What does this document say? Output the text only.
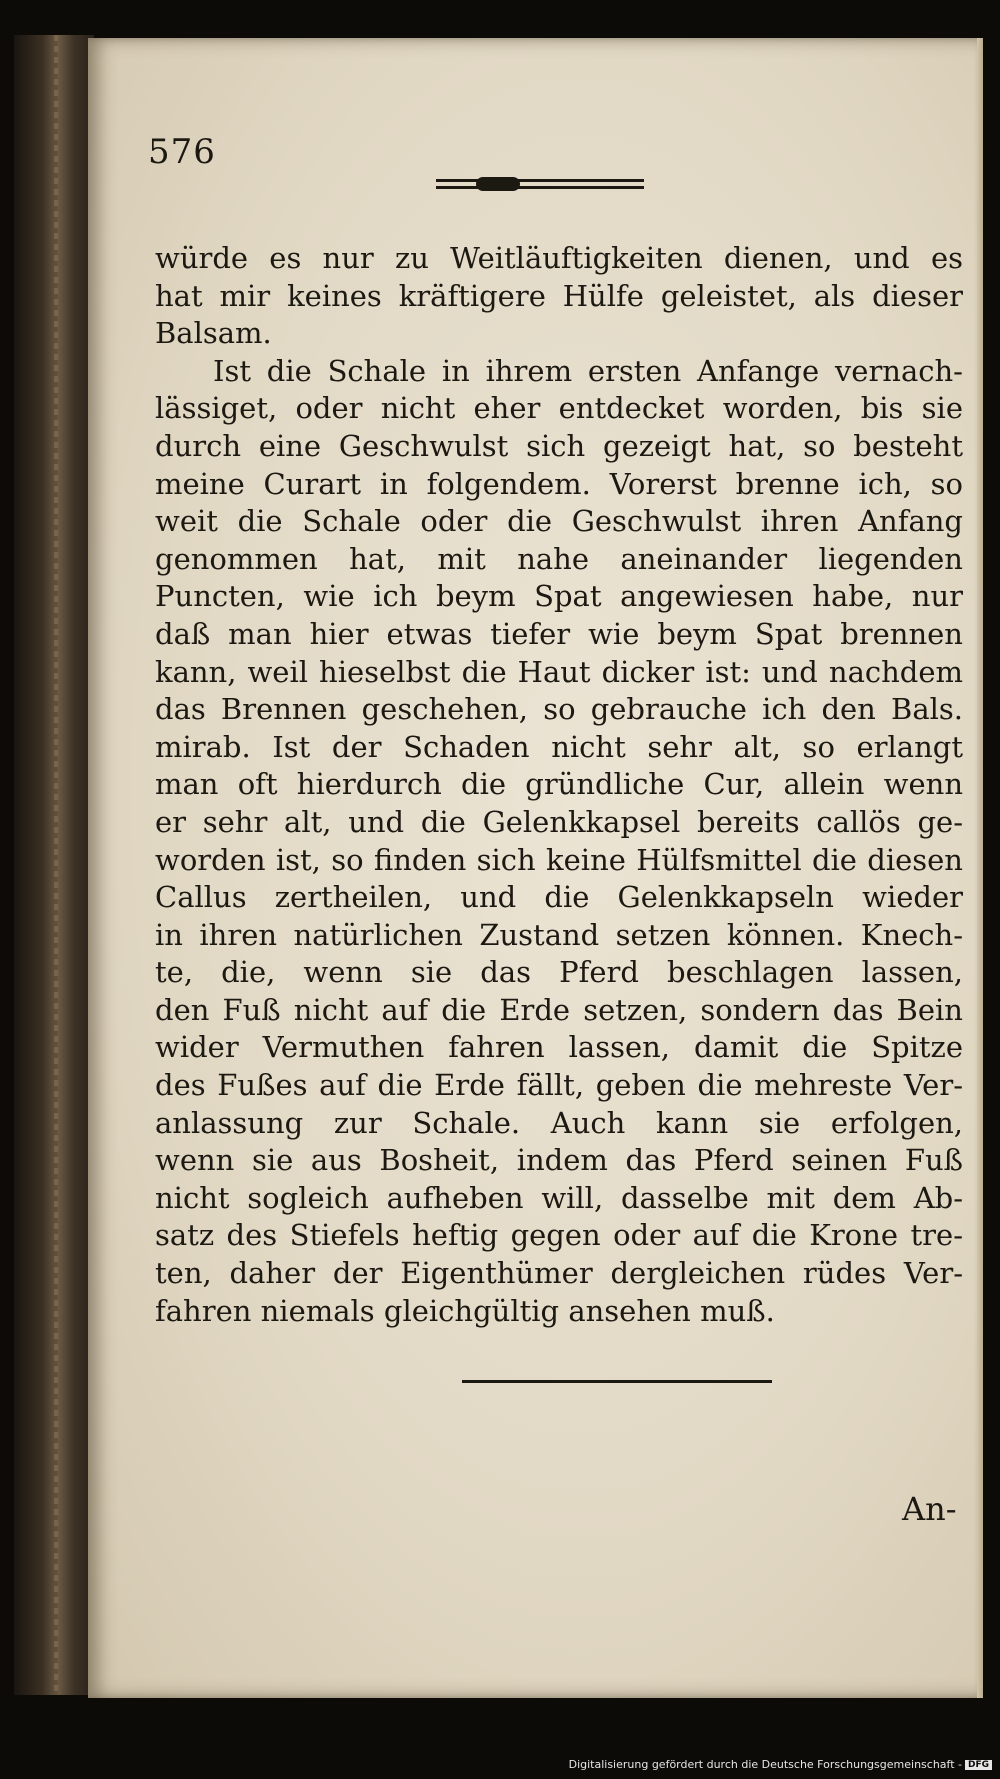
576
würde es nur zu Weitläuftigkeiten dienen, und es
hat mir keines kräftigere Hülfe geleistet, als dieser
Balsam.
Ist die Schale in ihrem ersten Anfange vernach-
lässiget, oder nicht eher entdecket worden, bis sie
durch eine Geschwulst sich gezeigt hat, so besteht
meine Curart in folgendem. Vorerst brenne ich, so
weit die Schale oder die Geschwulst ihren Anfang
genommen hat, mit nahe aneinander liegenden
Puncten, wie ich beym Spat angewiesen habe, nur
daß man hier etwas tiefer wie beym Spat brennen
kann, weil hieselbst die Haut dicker ist: und nachdem
das Brennen geschehen, so gebrauche ich den Bals.
mirab. Ist der Schaden nicht sehr alt, so erlangt
man oft hierdurch die gründliche Cur, allein wenn
er sehr alt, und die Gelenkkapsel bereits callös ge-
worden ist, so finden sich keine Hülfsmittel die diesen
Callus zertheilen, und die Gelenkkapseln wieder
in ihren natürlichen Zustand setzen können. Knech-
te, die, wenn sie das Pferd beschlagen lassen,
den Fuß nicht auf die Erde setzen, sondern das Bein
wider Vermuthen fahren lassen, damit die Spitze
des Fußes auf die Erde fällt, geben die mehreste Ver-
anlassung zur Schale. Auch kann sie erfolgen,
wenn sie aus Bosheit, indem das Pferd seinen Fuß
nicht sogleich aufheben will, dasselbe mit dem Ab-
satz des Stiefels heftig gegen oder auf die Krone tre-
ten, daher der Eigenthümer dergleichen rüdes Ver-
fahren niemals gleichgültig ansehen muß.
An-
Digitalisierung gefördert durch die Deutsche Forschungsgemeinschaft - DFG
